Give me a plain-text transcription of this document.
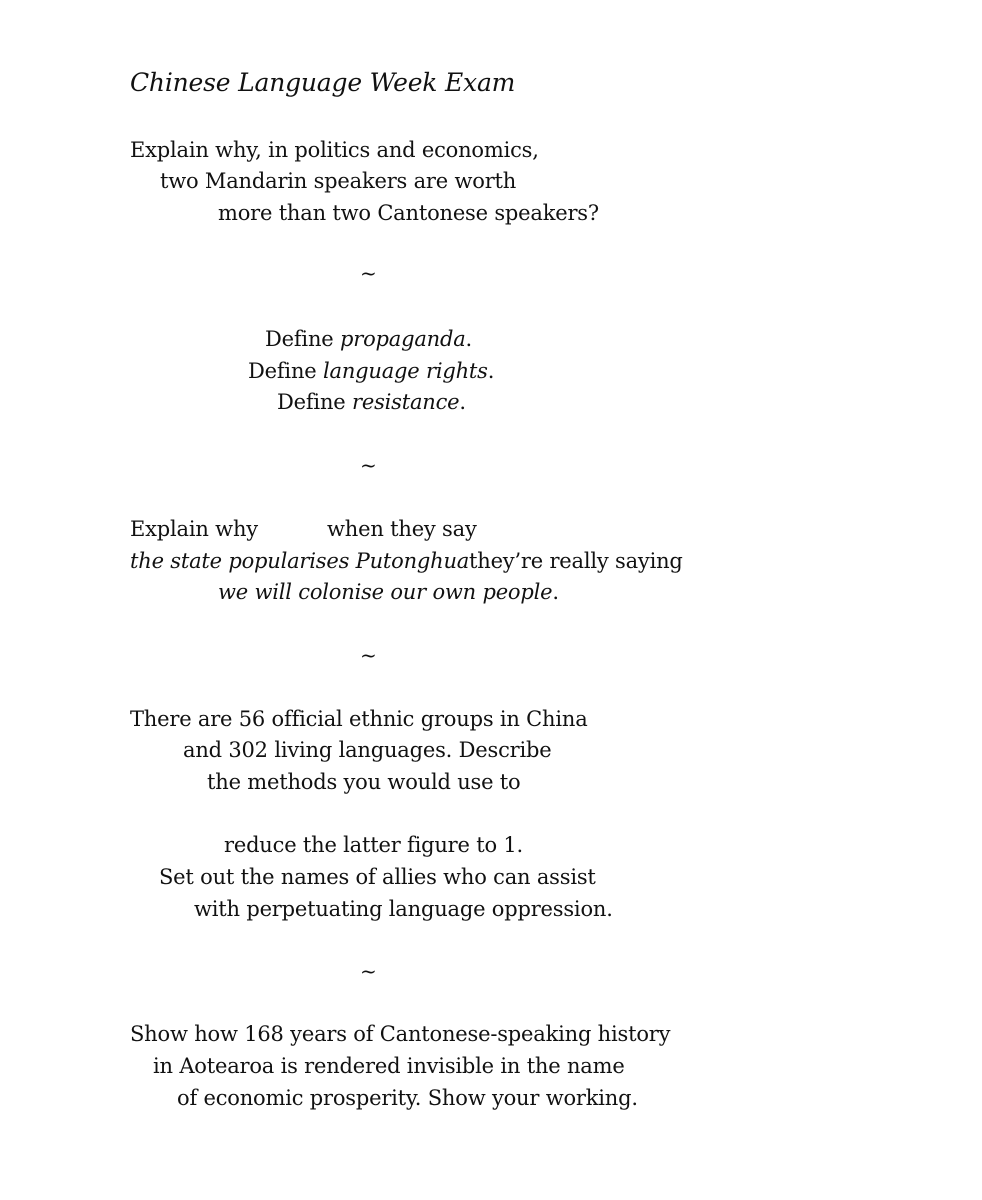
Chinese Language Week Exam
Explain why, in politics and economics,
two Mandarin speakers are worth
more than two Cantonese speakers?
~
Define propaganda.
Define language rights.
Define resistance.
~
Explain why	when they say
the state popularises Putonghua they’re really saying
we will colonise our own people.
~
There are 56 official ethnic groups in China
and 302 living languages. Describe
the methods you would use to
reduce the latter figure to 1.
Set out the names of allies who can assist
with perpetuating language oppression.
~
Show how 168 years of Cantonese-speaking history
in Aotearoa is rendered invisible in the name
of economic prosperity. Show your working.
